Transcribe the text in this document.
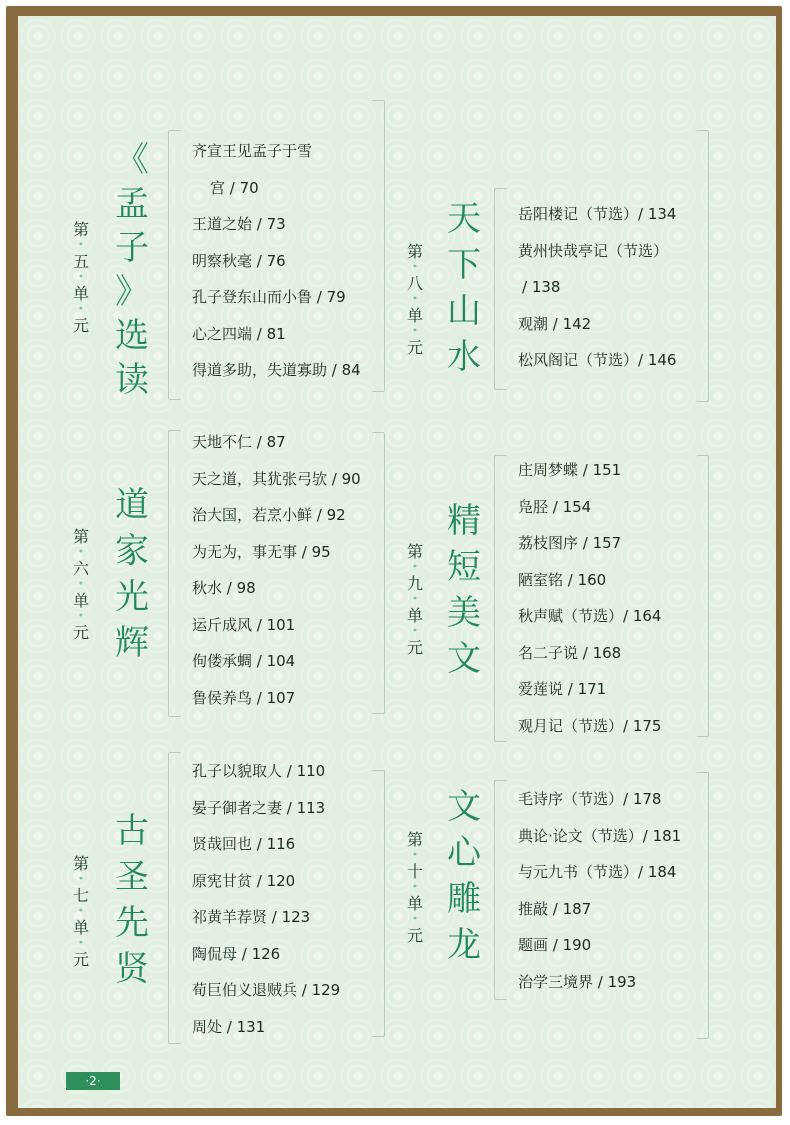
第
•
五
•
单
•
元
《
孟
子
》
选
读
齐宣王见孟子于雪
宫 / 70
王道之始 / 73
明察秋毫 / 76
孔子登东山而小鲁 / 79
心之四端 / 81
得道多助，失道寡助 / 84
第
•
六
•
单
•
元
道
家
光
辉
天地不仁 / 87
天之道，其犹张弓欤 / 90
治大国，若烹小鲜 / 92
为无为，事无事 / 95
秋水 / 98
运斤成风 / 101
佝偻承蜩 / 104
鲁侯养鸟 / 107
第
•
七
•
单
•
元
古
圣
先
贤
孔子以貌取人 / 110
晏子御者之妻 / 113
贤哉回也 / 116
原宪甘贫 / 120
祁黄羊荐贤 / 123
陶侃母 / 126
荀巨伯义退贼兵 / 129
周处 / 131
第
•
八
•
单
•
元
天
下
山
水
岳阳楼记（节选）/ 134
黄州快哉亭记（节选）
/ 138
观潮 / 142
松风阁记（节选）/ 146
第
•
九
•
单
•
元
精
短
美
文
庄周梦蝶 / 151
凫胫 / 154
荔枝图序 / 157
陋室铭 / 160
秋声赋（节选）/ 164
名二子说 / 168
爱莲说 / 171
观月记（节选）/ 175
第
•
十
•
单
•
元
文
心
雕
龙
毛诗序（节选）/ 178
典论·论文（节选）/ 181
与元九书（节选）/ 184
推敲 / 187
题画 / 190
治学三境界 / 193
·2·
